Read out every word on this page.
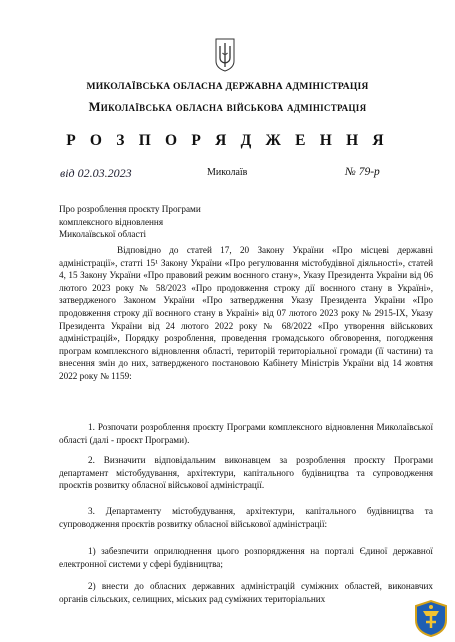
МИКОЛАЇВСЬКА ОБЛАСНА ДЕРЖАВНА АДМІНІСТРАЦІЯ
Миколаївська обласна військова адміністрація
Р О З П О Р Я Д Ж Е Н Н Я
від 02.03.2023	Миколаїв	№ 79-р
Про розроблення проєкту Програми
комплексного відновлення
Миколаївської області
Відповідно до статей 17, 20 Закону України «Про місцеві державні адміністрації», статті 15¹ Закону України «Про регулювання містобудівної діяльності», статей 4, 15 Закону України «Про правовий режим воєнного стану», Указу Президента України від 06 лютого 2023 року № 58/2023 «Про продовження строку дії воєнного стану в Україні», затвердженого Законом України «Про затвердження Указу Президента України «Про продовження строку дії воєнного стану в Україні» від 07 лютого 2023 року № 2915-IX, Указу Президента України від 24 лютого 2022 року № 68/2022 «Про утворення військових адміністрацій», Порядку розроблення, проведення громадського обговорення, погодження програм комплексного відновлення області, територій територіальної громади (її частини) та внесення змін до них, затвердженого постановою Кабінету Міністрів України від 14 жовтня 2022 року № 1159:
1. Розпочати розроблення проєкту Програми комплексного відновлення Миколаївської області (далі - проєкт Програми).
2. Визначити відповідальним виконавцем за розроблення проєкту Програми департамент містобудування, архітектури, капітального будівництва та супроводження проєктів розвитку обласної військової адміністрації.
3. Департаменту містобудування, архітектури, капітального будівництва та супроводження проєктів розвитку обласної військової адміністрації:
1) забезпечити оприлюднення цього розпорядження на порталі Єдиної державної електронної системи у сфері будівництва;
2) внести до обласних державних адміністрацій суміжних областей, виконавчих органів сільських, селищних, міських рад суміжних територіальних
